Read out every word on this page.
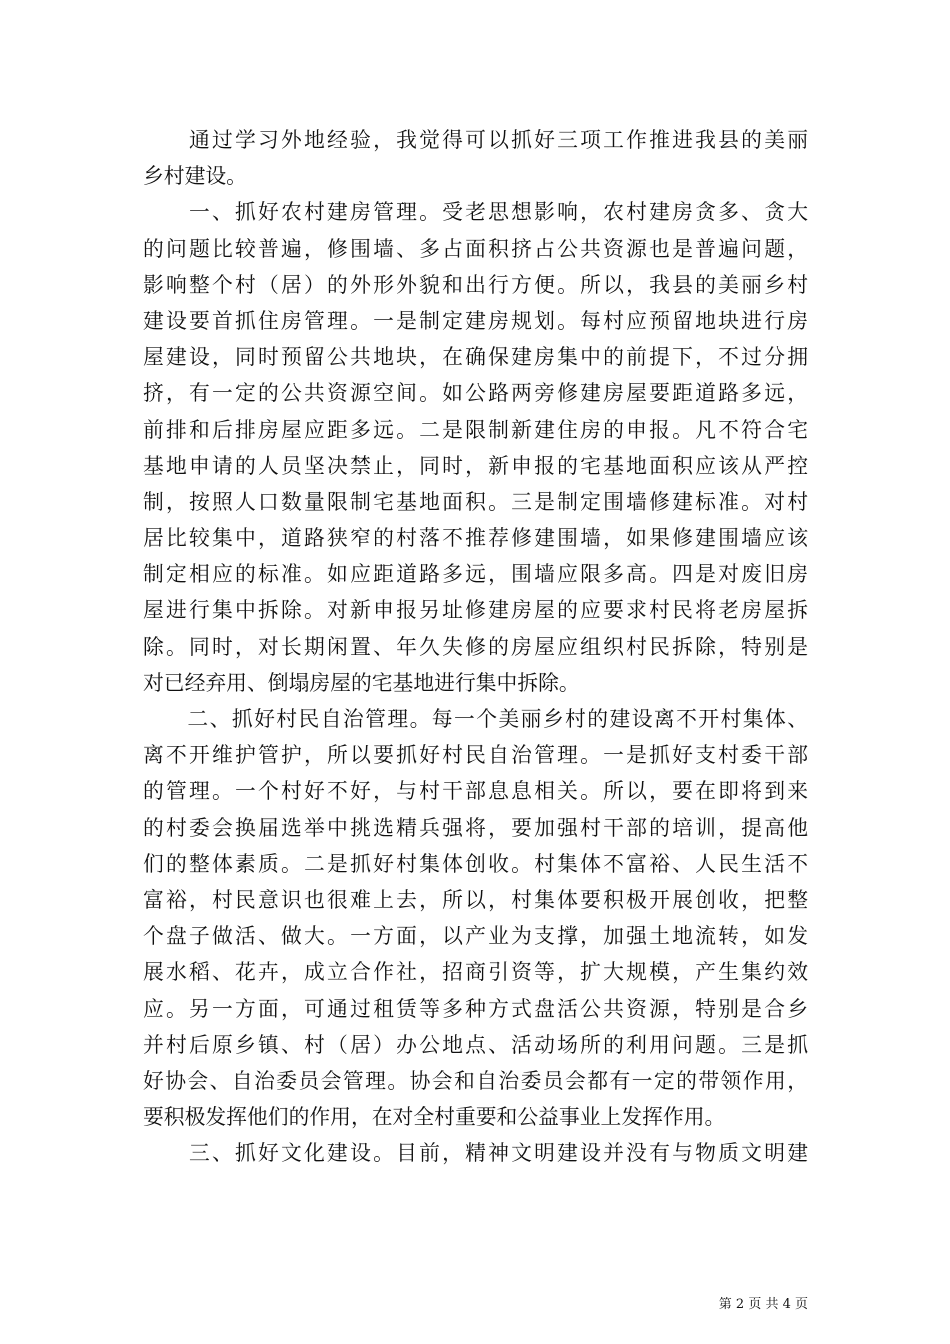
　　通过学习外地经验，我觉得可以抓好三项工作推进我县的美丽
乡村建设。
　　一、抓好农村建房管理。受老思想影响，农村建房贪多、贪大
的问题比较普遍，修围墙、多占面积挤占公共资源也是普遍问题，
影响整个村（居）的外形外貌和出行方便。所以，我县的美丽乡村
建设要首抓住房管理。一是制定建房规划。每村应预留地块进行房
屋建设，同时预留公共地块，在确保建房集中的前提下，不过分拥
挤，有一定的公共资源空间。如公路两旁修建房屋要距道路多远，
前排和后排房屋应距多远。二是限制新建住房的申报。凡不符合宅
基地申请的人员坚决禁止，同时，新申报的宅基地面积应该从严控
制，按照人口数量限制宅基地面积。三是制定围墙修建标准。对村
居比较集中，道路狭窄的村落不推荐修建围墙，如果修建围墙应该
制定相应的标准。如应距道路多远，围墙应限多高。四是对废旧房
屋进行集中拆除。对新申报另址修建房屋的应要求村民将老房屋拆
除。同时，对长期闲置、年久失修的房屋应组织村民拆除，特别是
对已经弃用、倒塌房屋的宅基地进行集中拆除。
　　二、抓好村民自治管理。每一个美丽乡村的建设离不开村集体、
离不开维护管护，所以要抓好村民自治管理。一是抓好支村委干部
的管理。一个村好不好，与村干部息息相关。所以，要在即将到来
的村委会换届选举中挑选精兵强将，要加强村干部的培训，提高他
们的整体素质。二是抓好村集体创收。村集体不富裕、人民生活不
富裕，村民意识也很难上去，所以，村集体要积极开展创收，把整
个盘子做活、做大。一方面，以产业为支撑，加强土地流转，如发
展水稻、花卉，成立合作社，招商引资等，扩大规模，产生集约效
应。另一方面，可通过租赁等多种方式盘活公共资源，特别是合乡
并村后原乡镇、村（居）办公地点、活动场所的利用问题。三是抓
好协会、自治委员会管理。协会和自治委员会都有一定的带领作用，
要积极发挥他们的作用，在对全村重要和公益事业上发挥作用。
　　三、抓好文化建设。目前，精神文明建设并没有与物质文明建
第 2 页 共 4 页
